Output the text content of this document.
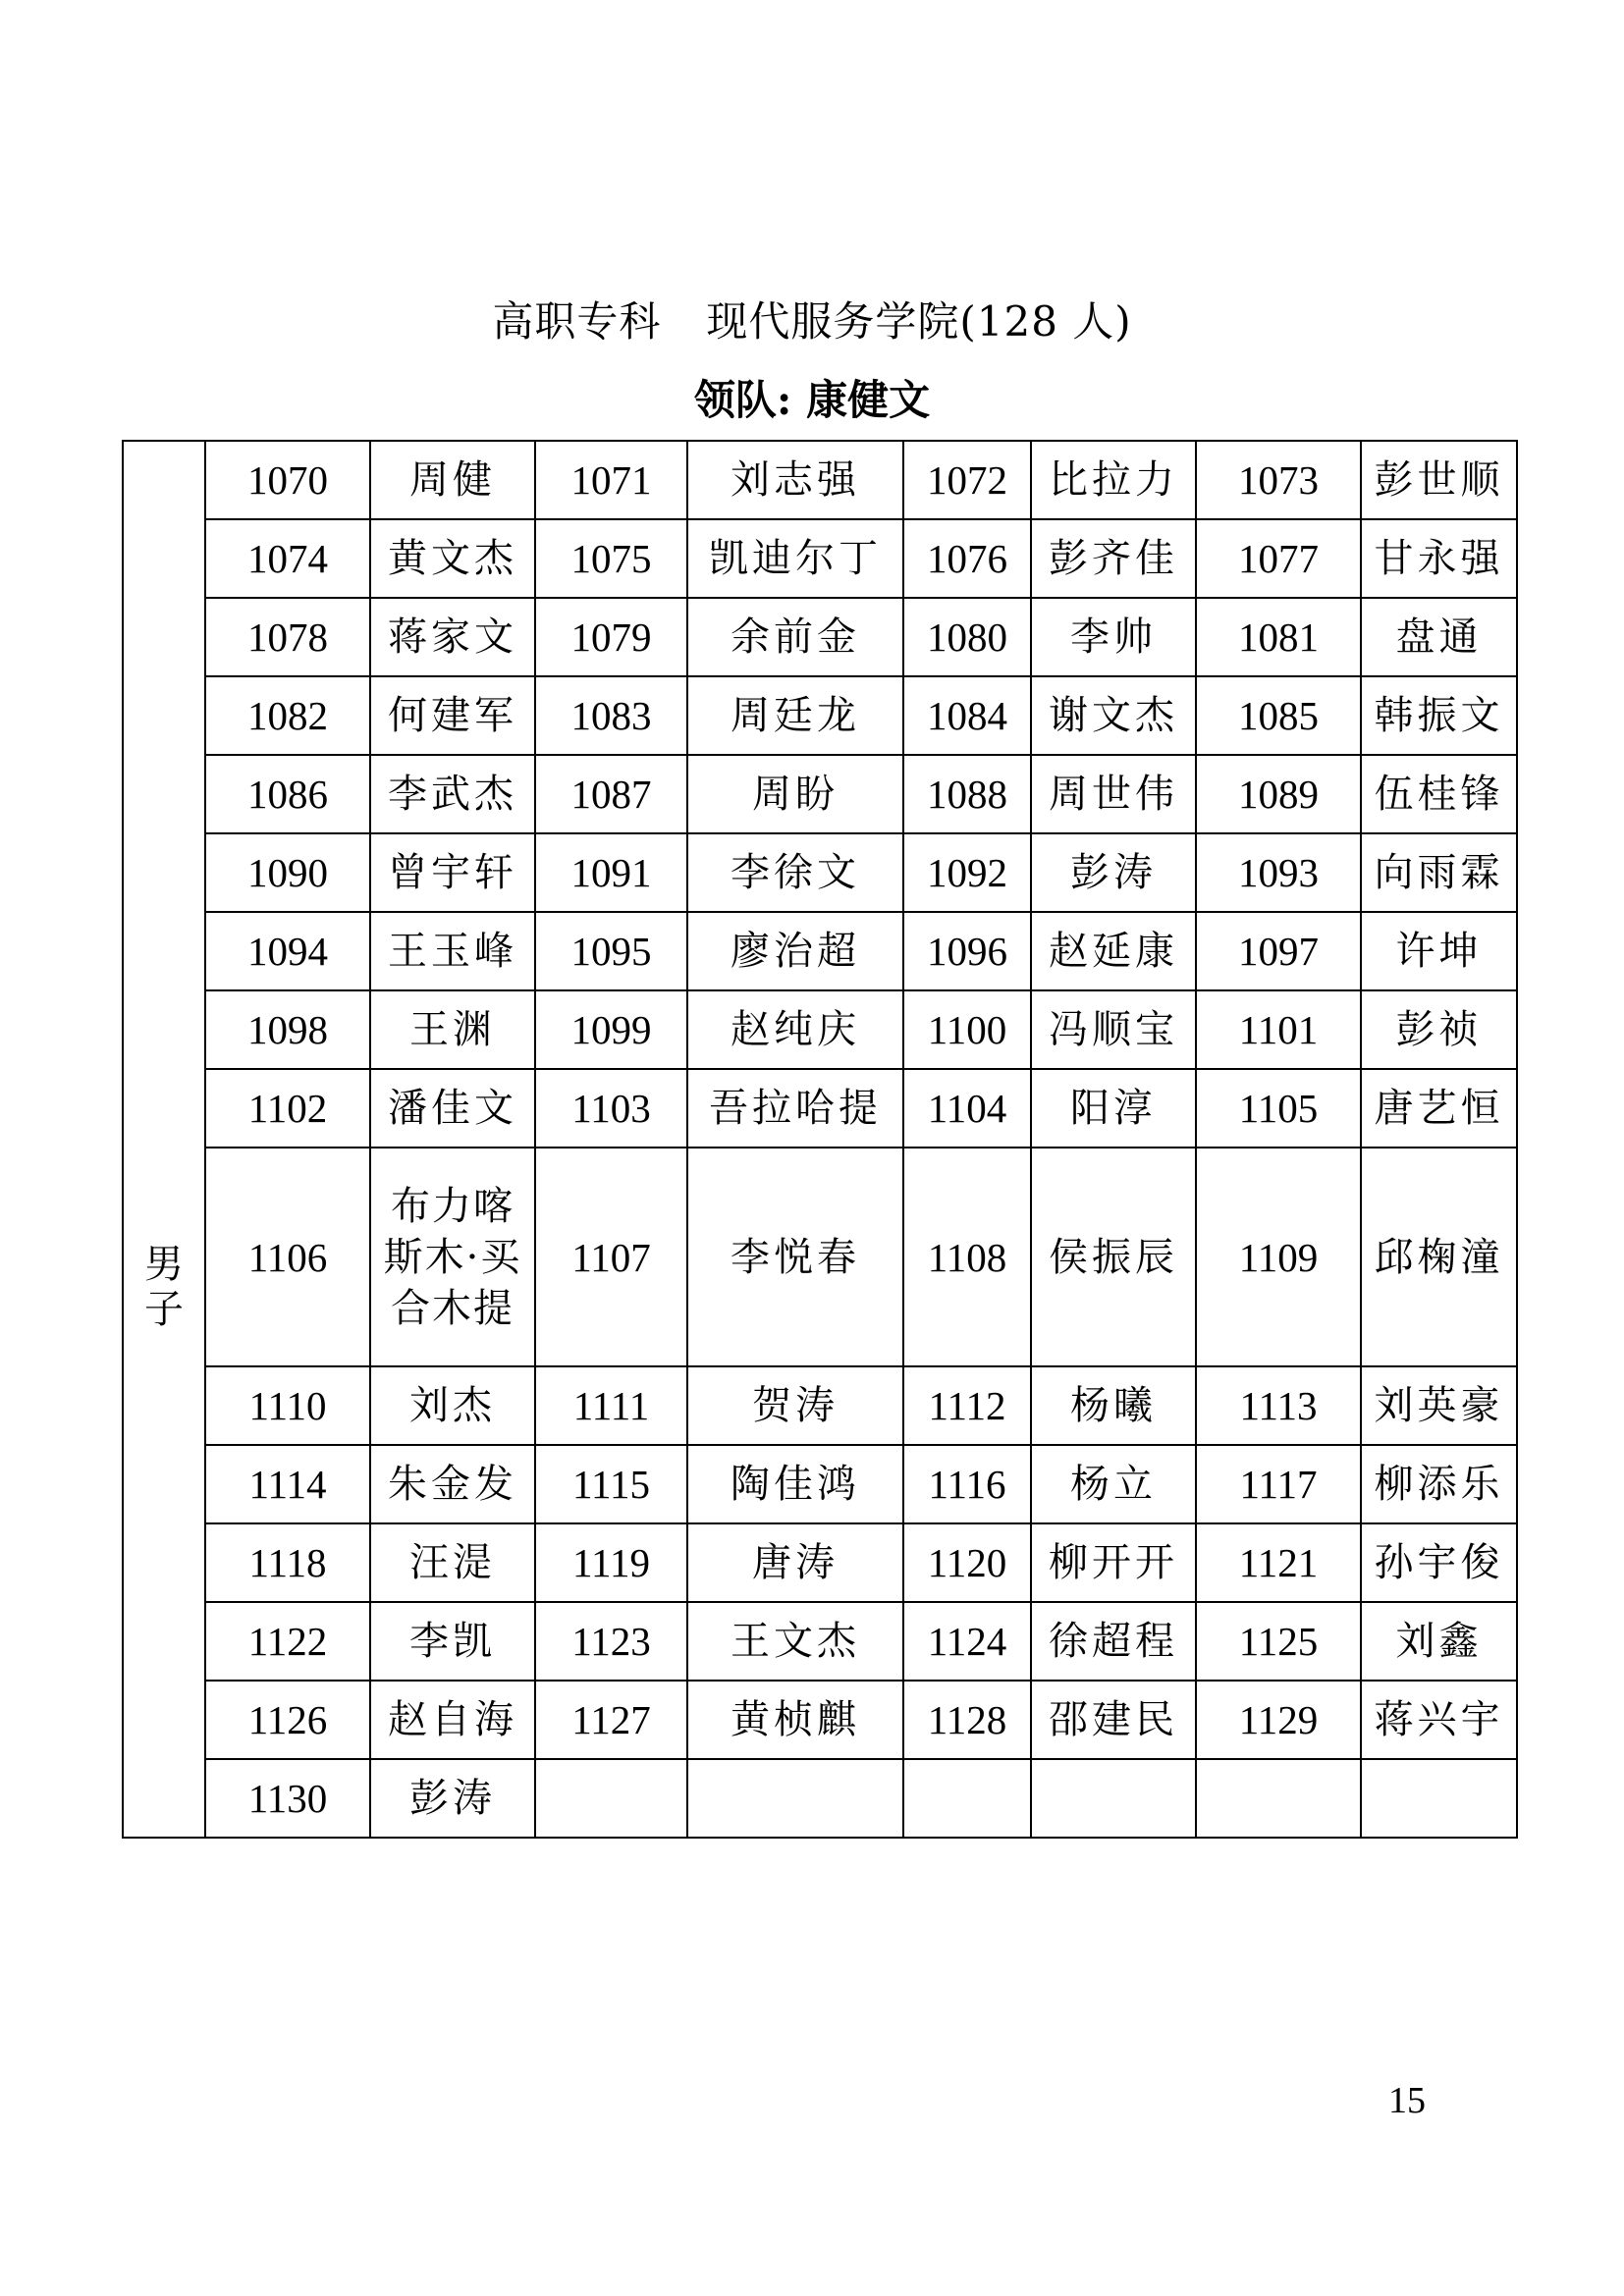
高职专科 现代服务学院(128 人)
领队: 康健文
男
子	1070	周健	1071	刘志强	1072	比拉力	1073	彭世顺
	1074	黄文杰	1075	凯迪尔丁	1076	彭齐佳	1077	甘永强
	1078	蒋家文	1079	余前金	1080	李帅	1081	盘通
	1082	何建军	1083	周廷龙	1084	谢文杰	1085	韩振文
	1086	李武杰	1087	周盼	1088	周世伟	1089	伍桂锋
	1090	曾宇轩	1091	李徐文	1092	彭涛	1093	向雨霖
	1094	王玉峰	1095	廖治超	1096	赵延康	1097	许坤
	1098	王渊	1099	赵纯庆	1100	冯顺宝	1101	彭祯
	1102	潘佳文	1103	吾拉哈提	1104	阳淳	1105	唐艺恒
	1106	布力喀斯木·买合木提	1107	李悦春	1108	侯振辰	1109	邱椈潼
	1110	刘杰	1111	贺涛	1112	杨曦	1113	刘英豪
	1114	朱金发	1115	陶佳鸿	1116	杨立	1117	柳添乐
	1118	汪湜	1119	唐涛	1120	柳开开	1121	孙宇俊
	1122	李凯	1123	王文杰	1124	徐超程	1125	刘鑫
	1126	赵自海	1127	黄桢麒	1128	邵建民	1129	蒋兴宇
	1130	彭涛						
15
